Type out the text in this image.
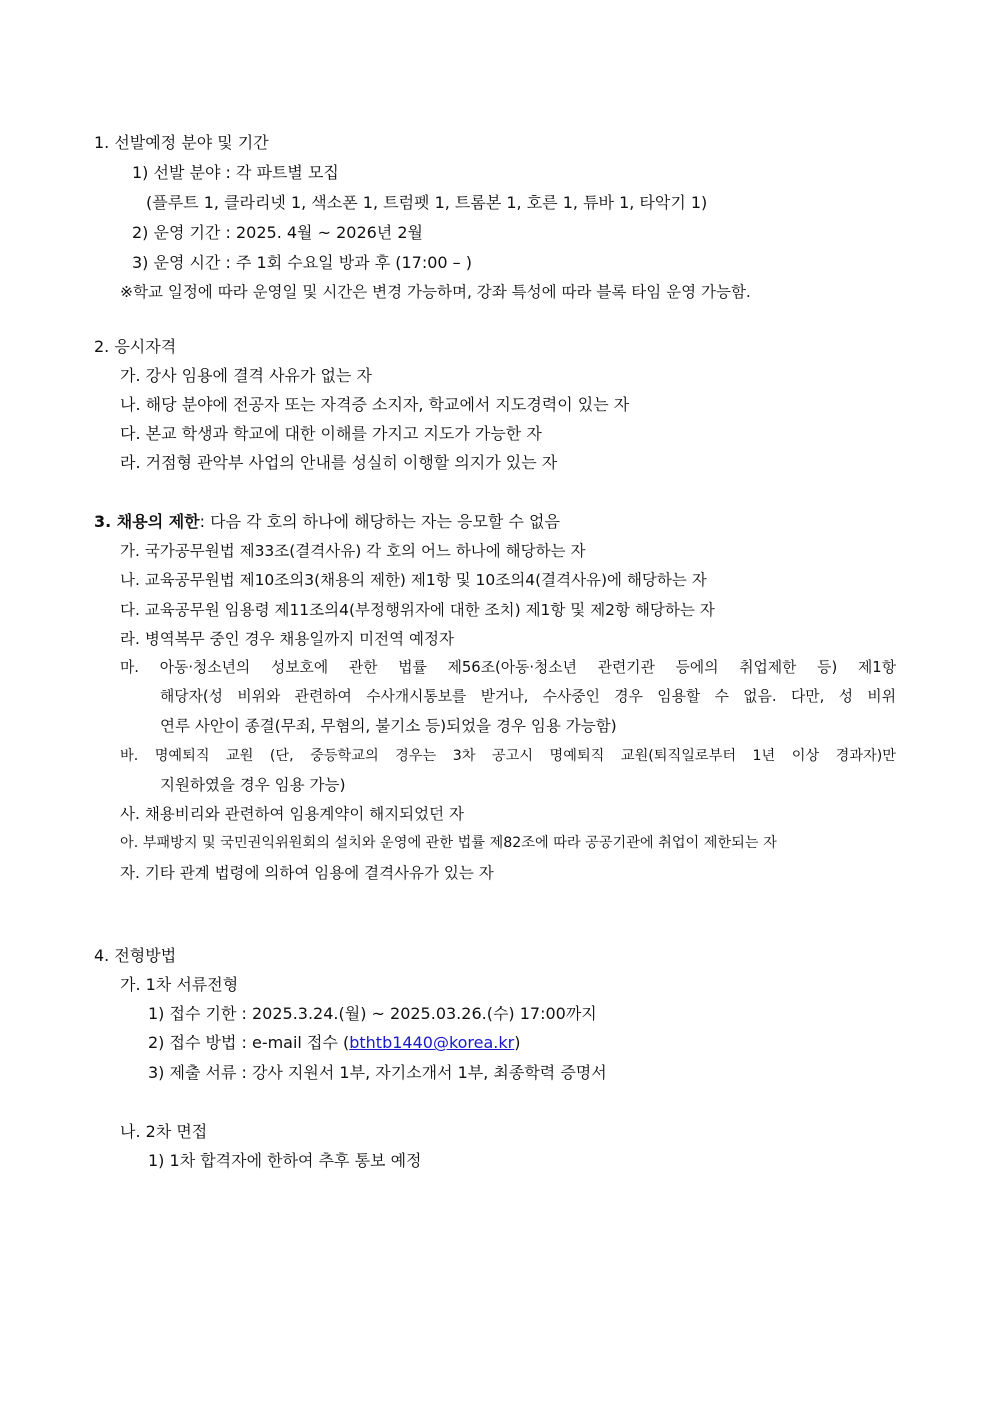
1. 선발예정 분야 및 기간
1) 선발 분야 : 각 파트별 모집
(플루트 1, 클라리넷 1, 색소폰 1, 트럼펫 1, 트롬본 1, 호른 1, 튜바 1, 타악기 1)
2) 운영 기간 : 2025. 4월 ~ 2026년 2월
3) 운영 시간 : 주 1회 수요일 방과 후 (17:00 – )
※학교 일정에 따라 운영일 및 시간은 변경 가능하며, 강좌 특성에 따라 블록 타임 운영 가능함.
2. 응시자격
가. 강사 임용에 결격 사유가 없는 자
나. 해당 분야에 전공자 또는 자격증 소지자, 학교에서 지도경력이 있는 자
다. 본교 학생과 학교에 대한 이해를 가지고 지도가 가능한 자
라. 거점형 관악부 사업의 안내를 성실히 이행할 의지가 있는 자
3. 채용의 제한: 다음 각 호의 하나에 해당하는 자는 응모할 수 없음
가. 국가공무원법 제33조(결격사유) 각 호의 어느 하나에 해당하는 자
나. 교육공무원법 제10조의3(채용의 제한) 제1항 및 10조의4(결격사유)에 해당하는 자
다. 교육공무원 임용령 제11조의4(부정행위자에 대한 조치) 제1항 및 제2항 해당하는 자
라. 병역복무 중인 경우 채용일까지 미전역 예정자
마. 아동·청소년의 성보호에 관한 법률 제56조(아동·청소년 관련기관 등에의 취업제한 등) 제1항
해당자(성 비위와 관련하여 수사개시통보를 받거나, 수사중인 경우 임용할 수 없음. 다만, 성 비위
연루 사안이 종결(무죄, 무혐의, 불기소 등)되었을 경우 임용 가능함)
바. 명예퇴직 교원 (단, 중등학교의 경우는 3차 공고시 명예퇴직 교원(퇴직일로부터 1년 이상 경과자)만
지원하였을 경우 임용 가능)
사. 채용비리와 관련하여 임용계약이 해지되었던 자
아. 부패방지 및 국민권익위원회의 설치와 운영에 관한 법률 제82조에 따라 공공기관에 취업이 제한되는 자
자. 기타 관계 법령에 의하여 임용에 결격사유가 있는 자
4. 전형방법
가. 1차 서류전형
1) 접수 기한 : 2025.3.24.(월) ~ 2025.03.26.(수) 17:00까지
2) 접수 방법 : e-mail 접수 (bthtb1440@korea.kr)
3) 제출 서류 : 강사 지원서 1부, 자기소개서 1부, 최종학력 증명서
나. 2차 면접
1) 1차 합격자에 한하여 추후 통보 예정
